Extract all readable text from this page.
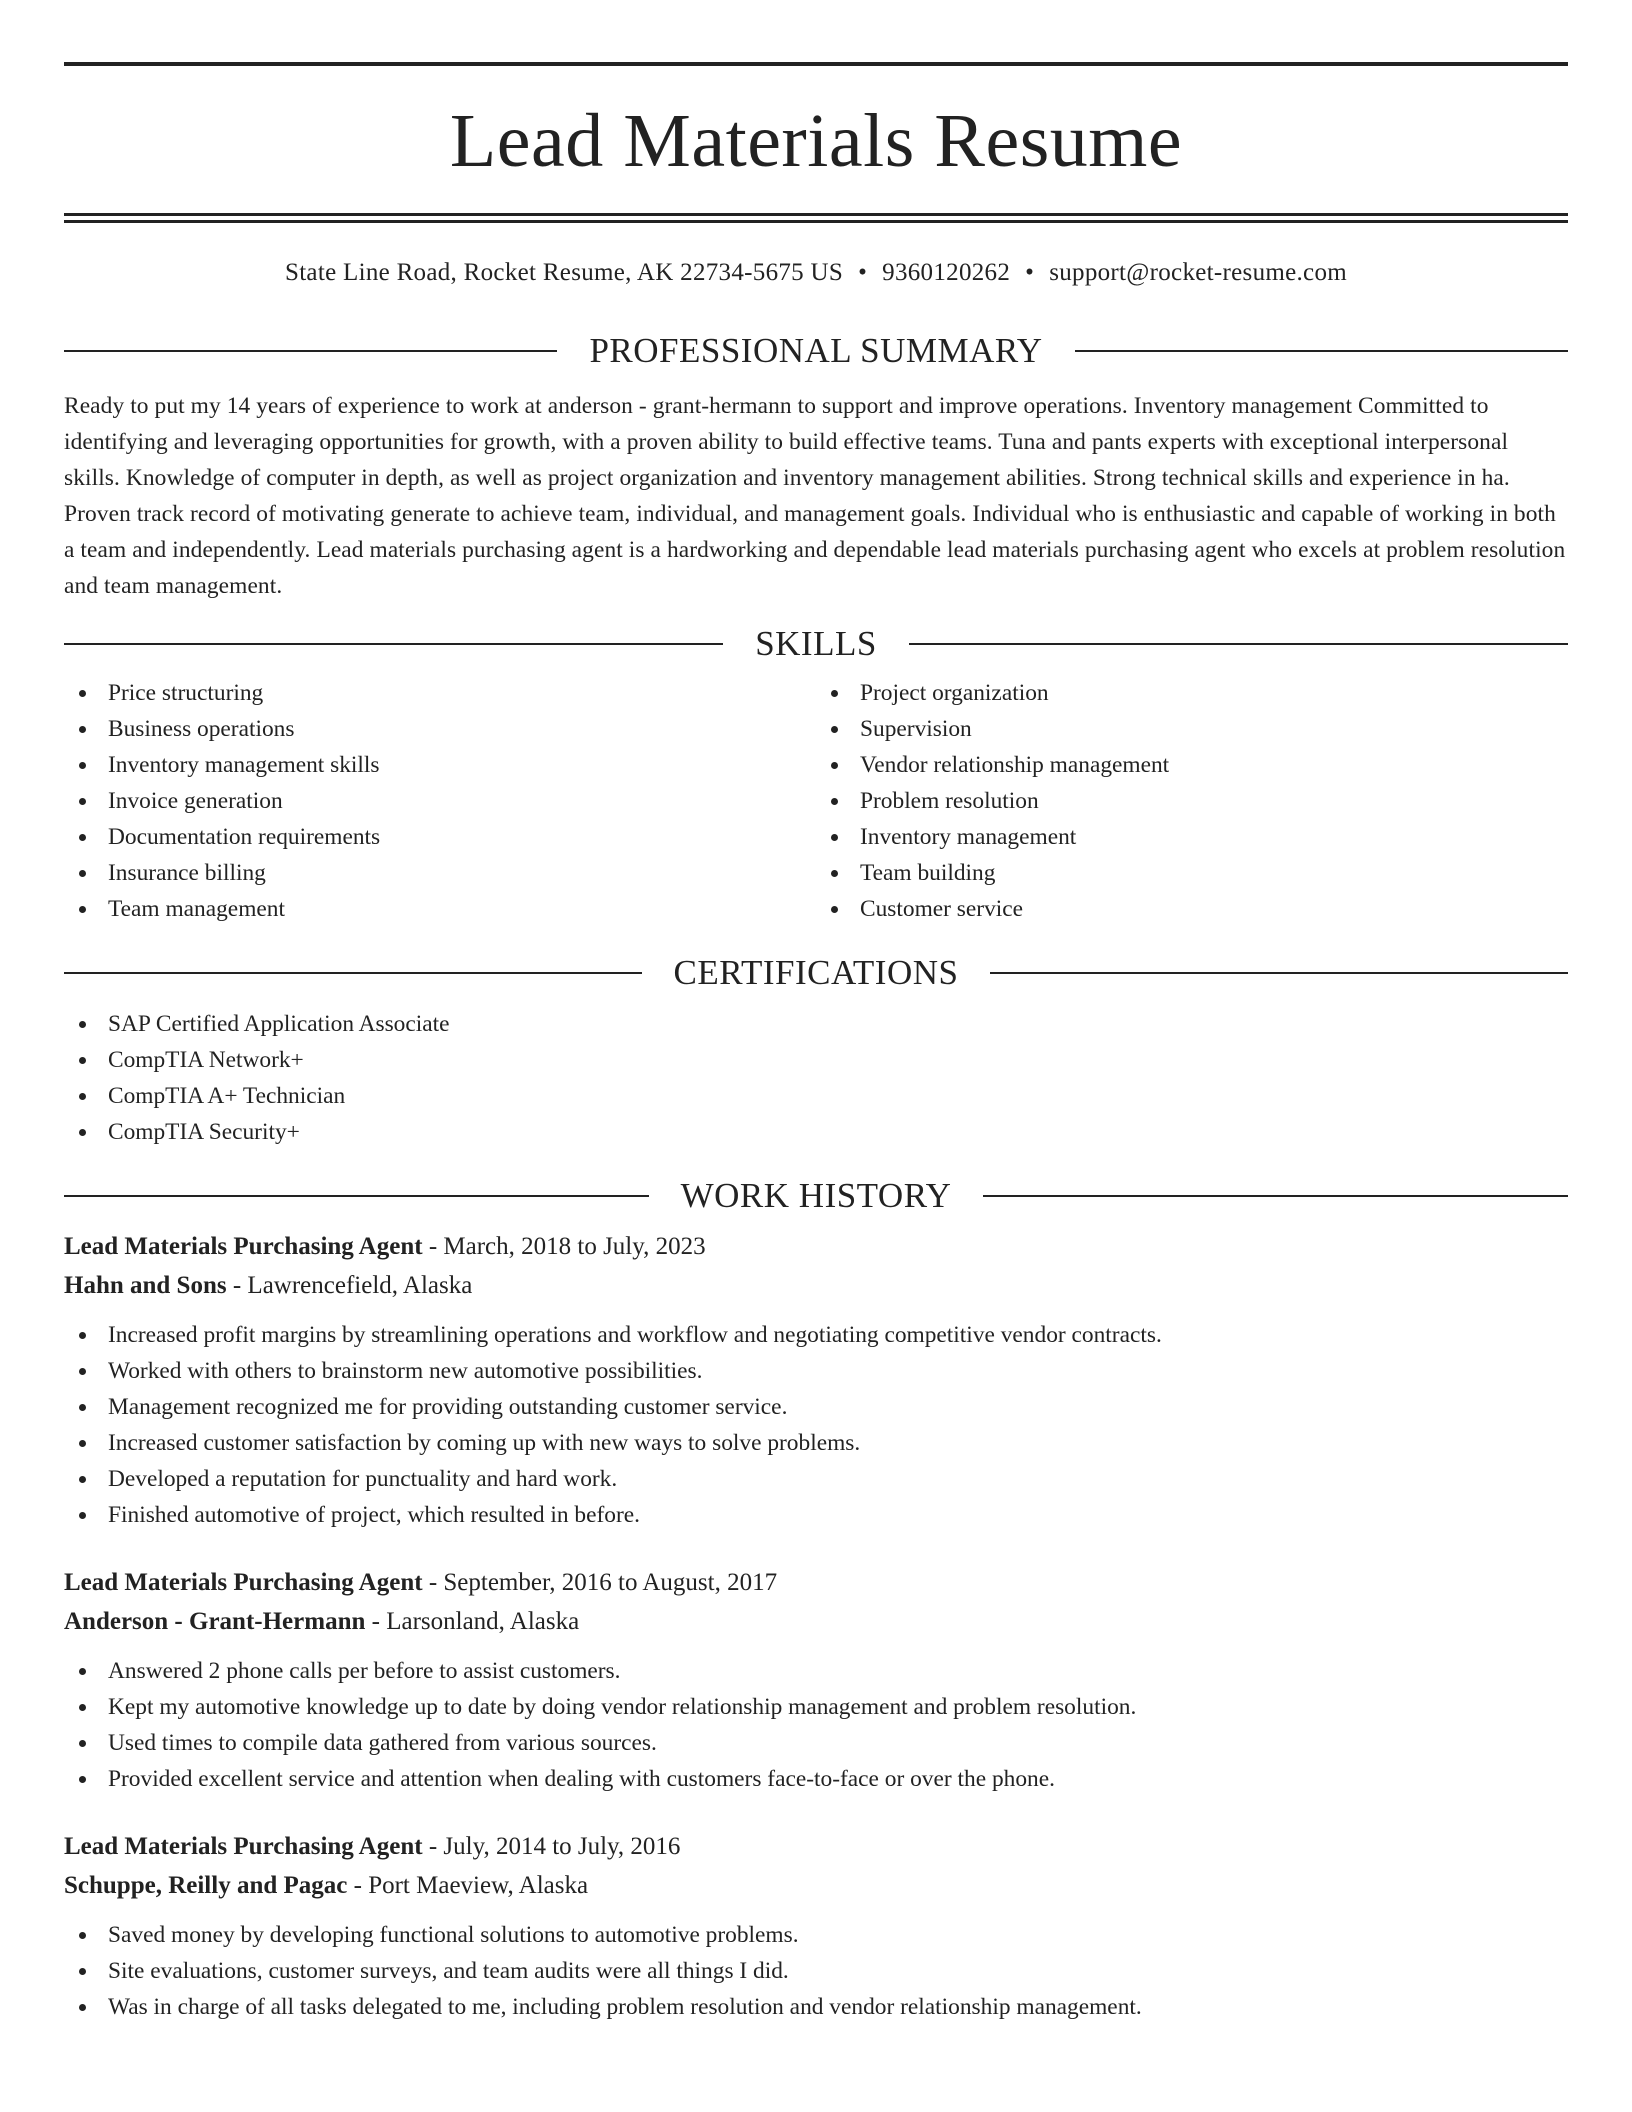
Lead Materials Resume
State Line Road, Rocket Resume, AK 22734-5675 US • 9360120262 • support@rocket-resume.com
PROFESSIONAL SUMMARY

Ready to put my 14 years of experience to work at anderson - grant-hermann to support and improve operations. Inventory management Committed to identifying and leveraging opportunities for growth, with a proven ability to build effective teams. Tuna and pants experts with exceptional interpersonal skills. Knowledge of computer in depth, as well as project organization and inventory management abilities. Strong technical skills and experience in ha. Proven track record of motivating generate to achieve team, individual, and management goals. Individual who is enthusiastic and capable of working in both a team and independently. Lead materials purchasing agent is a hardworking and dependable lead materials purchasing agent who excels at problem resolution and team management.

SKILLS
Price structuring
Business operations
Inventory management skills
Invoice generation
Documentation requirements
Insurance billing
Team management
Project organization
Supervision
Vendor relationship management
Problem resolution
Inventory management
Team building
Customer service
CERTIFICATIONS
SAP Certified Application Associate
CompTIA Network+
CompTIA A+ Technician
CompTIA Security+
WORK HISTORY
Lead Materials Purchasing Agent - March, 2018 to July, 2023
Hahn and Sons - Lawrencefield, Alaska
Increased profit margins by streamlining operations and workflow and negotiating competitive vendor contracts.
Worked with others to brainstorm new automotive possibilities.
Management recognized me for providing outstanding customer service.
Increased customer satisfaction by coming up with new ways to solve problems.
Developed a reputation for punctuality and hard work.
Finished automotive of project, which resulted in before.
Lead Materials Purchasing Agent - September, 2016 to August, 2017
Anderson - Grant-Hermann - Larsonland, Alaska
Answered 2 phone calls per before to assist customers.
Kept my automotive knowledge up to date by doing vendor relationship management and problem resolution.
Used times to compile data gathered from various sources.
Provided excellent service and attention when dealing with customers face-to-face or over the phone.
Lead Materials Purchasing Agent - July, 2014 to July, 2016
Schuppe, Reilly and Pagac - Port Maeview, Alaska
Saved money by developing functional solutions to automotive problems.
Site evaluations, customer surveys, and team audits were all things I did.
Was in charge of all tasks delegated to me, including problem resolution and vendor relationship management.
